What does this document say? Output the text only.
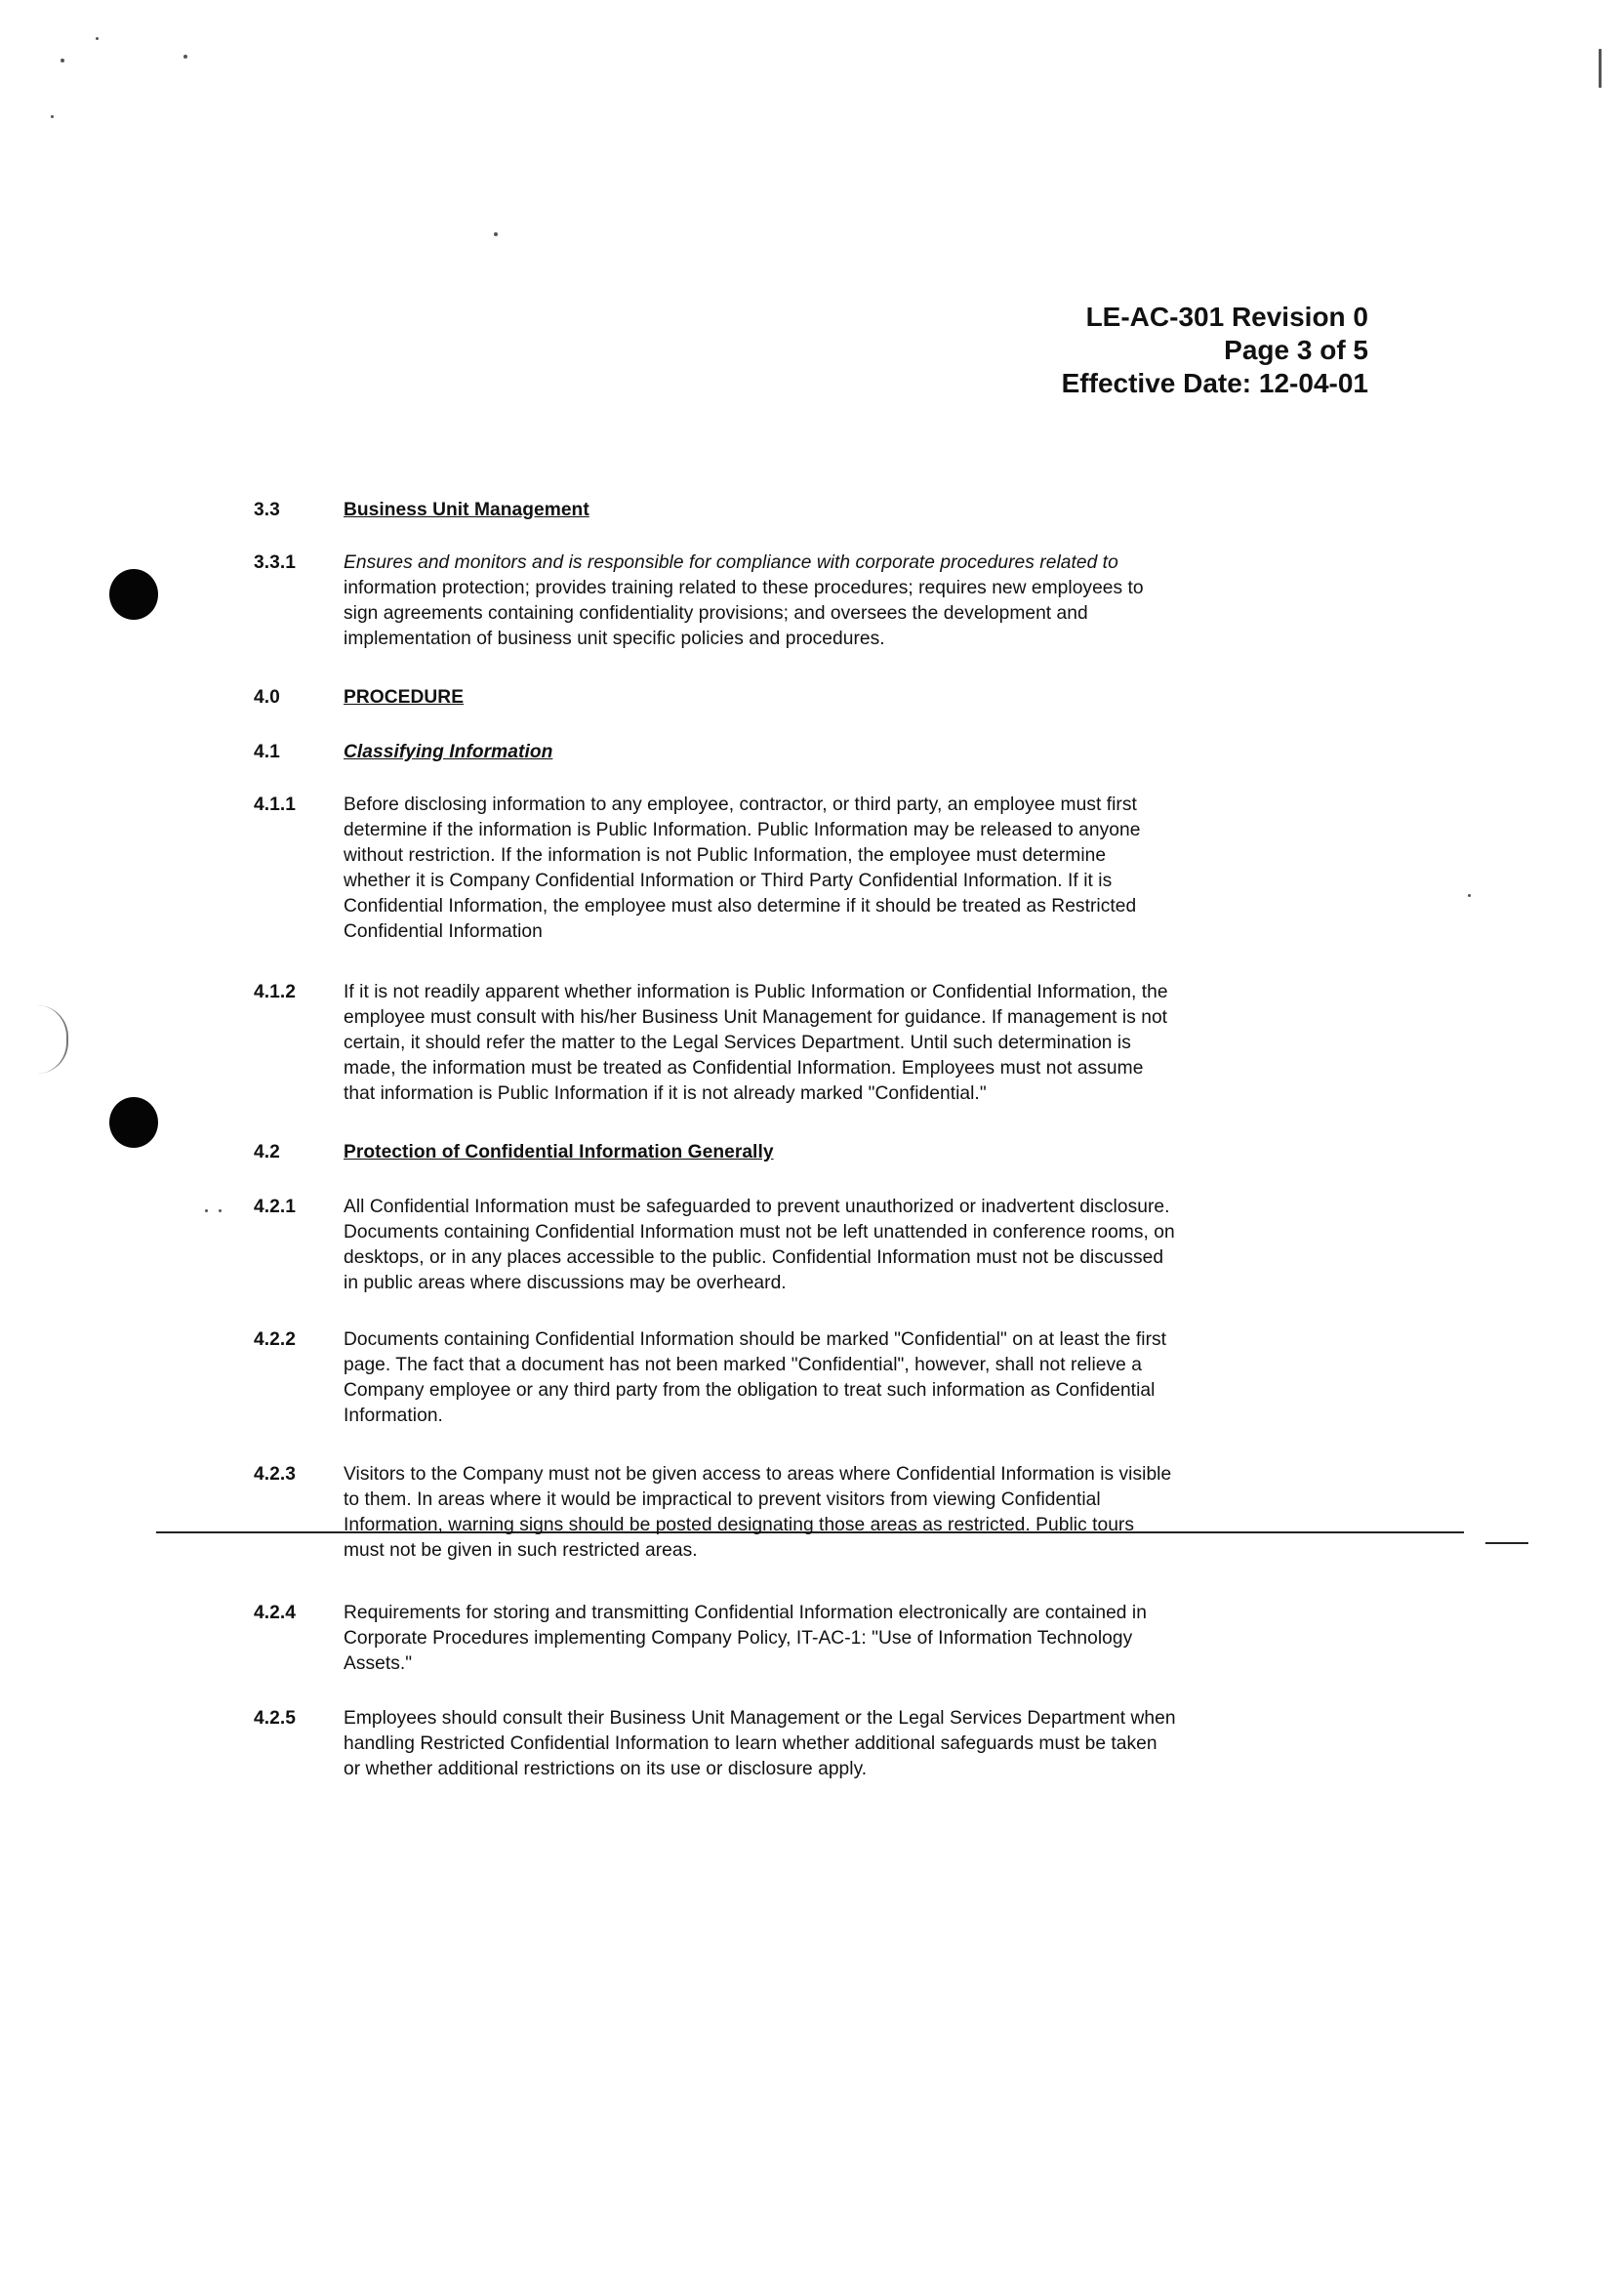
LE-AC-301 Revision 0
Page 3 of 5
Effective Date: 12-04-01
3.3	Business Unit Management
3.3.1	Ensures and monitors and is responsible for compliance with corporate procedures related to
information protection; provides training related to these procedures; requires new employees to
sign agreements containing confidentiality provisions; and oversees the development and
implementation of business unit specific policies and procedures.
4.0	PROCEDURE
4.1	Classifying Information
4.1.1	Before disclosing information to any employee, contractor, or third party, an employee must first
determine if the information is Public Information. Public Information may be released to anyone
without restriction. If the information is not Public Information, the employee must determine
whether it is Company Confidential Information or Third Party Confidential Information. If it is
Confidential Information, the employee must also determine if it should be treated as Restricted
Confidential Information
4.1.2	If it is not readily apparent whether information is Public Information or Confidential Information, the
employee must consult with his/her Business Unit Management for guidance. If management is not
certain, it should refer the matter to the Legal Services Department. Until such determination is
made, the information must be treated as Confidential Information. Employees must not assume
that information is Public Information if it is not already marked "Confidential."
4.2	Protection of Confidential Information Generally
4.2.1	All Confidential Information must be safeguarded to prevent unauthorized or inadvertent disclosure.
Documents containing Confidential Information must not be left unattended in conference rooms, on
desktops, or in any places accessible to the public. Confidential Information must not be discussed
in public areas where discussions may be overheard.
4.2.2	Documents containing Confidential Information should be marked "Confidential" on at least the first
page. The fact that a document has not been marked "Confidential", however, shall not relieve a
Company employee or any third party from the obligation to treat such information as Confidential
Information.
4.2.3	Visitors to the Company must not be given access to areas where Confidential Information is visible
to them. In areas where it would be impractical to prevent visitors from viewing Confidential
Information, warning signs should be posted designating those areas as restricted. Public tours
must not be given in such restricted areas.
4.2.4	Requirements for storing and transmitting Confidential Information electronically are contained in
Corporate Procedures implementing Company Policy, IT-AC-1: "Use of Information Technology
Assets."
4.2.5	Employees should consult their Business Unit Management or the Legal Services Department when
handling Restricted Confidential Information to learn whether additional safeguards must be taken
or whether additional restrictions on its use or disclosure apply.
